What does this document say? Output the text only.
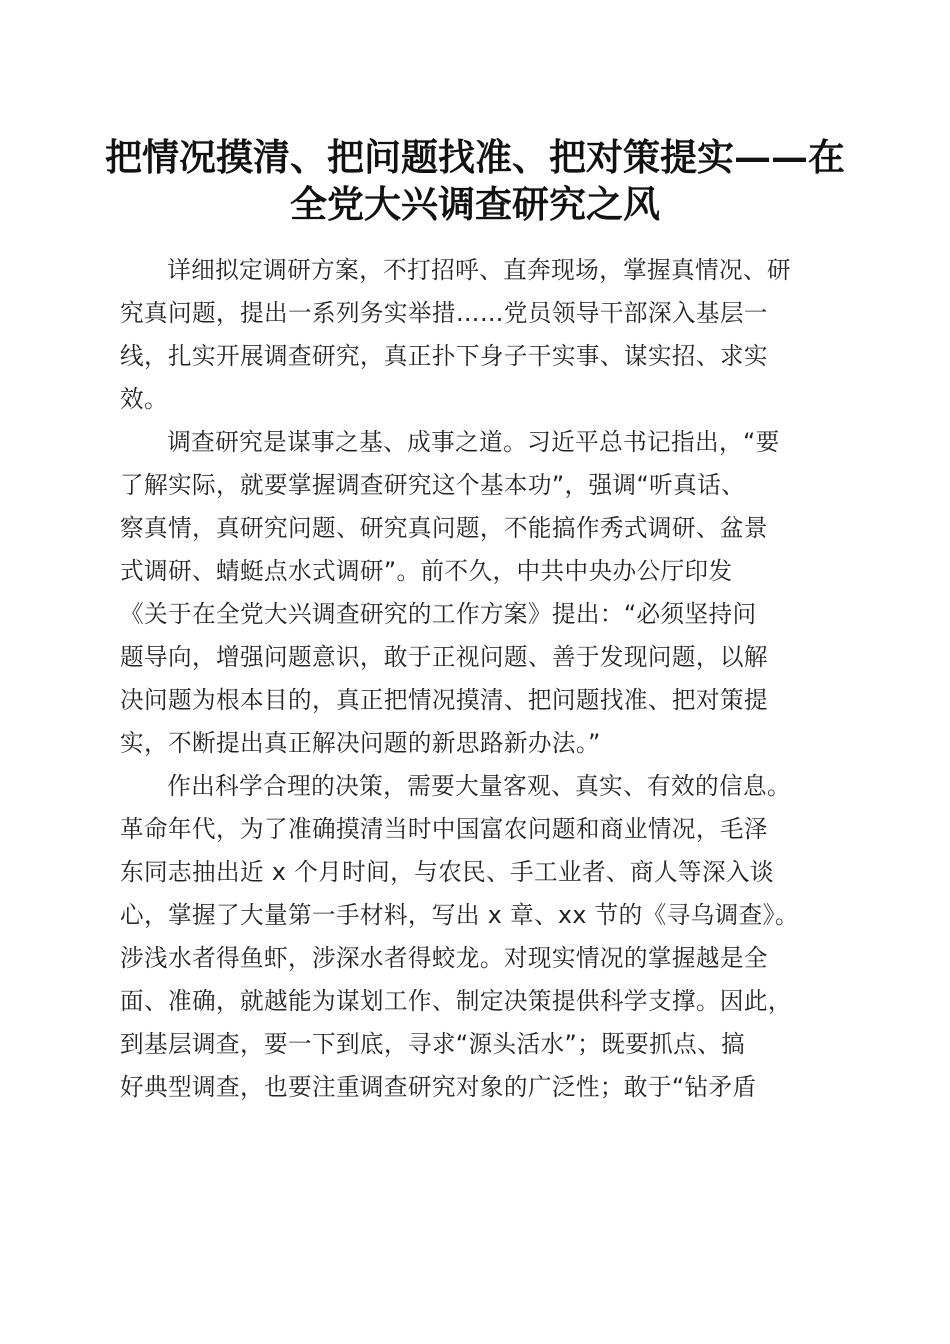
把情况摸清、把问题找准、把对策提实——在
全党大兴调查研究之风

详细拟定调研方案，不打招呼、直奔现场，掌握真情况、研
究真问题，提出一系列务实举措……党员领导干部深入基层一
线，扎实开展调查研究，真正扑下身子干实事、谋实招、求实
效。

调查研究是谋事之基、成事之道。习近平总书记指出，“要
了解实际，就要掌握调查研究这个基本功”，强调“听真话、
察真情，真研究问题、研究真问题，不能搞作秀式调研、盆景
式调研、蜻蜓点水式调研”。前不久，中共中央办公厅印发
《关于在全党大兴调查研究的工作方案》提出：“必须坚持问
题导向，增强问题意识，敢于正视问题、善于发现问题，以解
决问题为根本目的，真正把情况摸清、把问题找准、把对策提
实，不断提出真正解决问题的新思路新办法。”

作出科学合理的决策，需要大量客观、真实、有效的信息。
革命年代，为了准确摸清当时中国富农问题和商业情况，毛泽
东同志抽出近 x 个月时间，与农民、手工业者、商人等深入谈
心，掌握了大量第一手材料，写出 x 章、xx 节的《寻乌调查》。
涉浅水者得鱼虾，涉深水者得蛟龙。对现实情况的掌握越是全
面、准确，就越能为谋划工作、制定决策提供科学支撑。因此，
到基层调查，要一下到底，寻求“源头活水”；既要抓点、搞
好典型调查，也要注重调查研究对象的广泛性；敢于“钻矛盾
